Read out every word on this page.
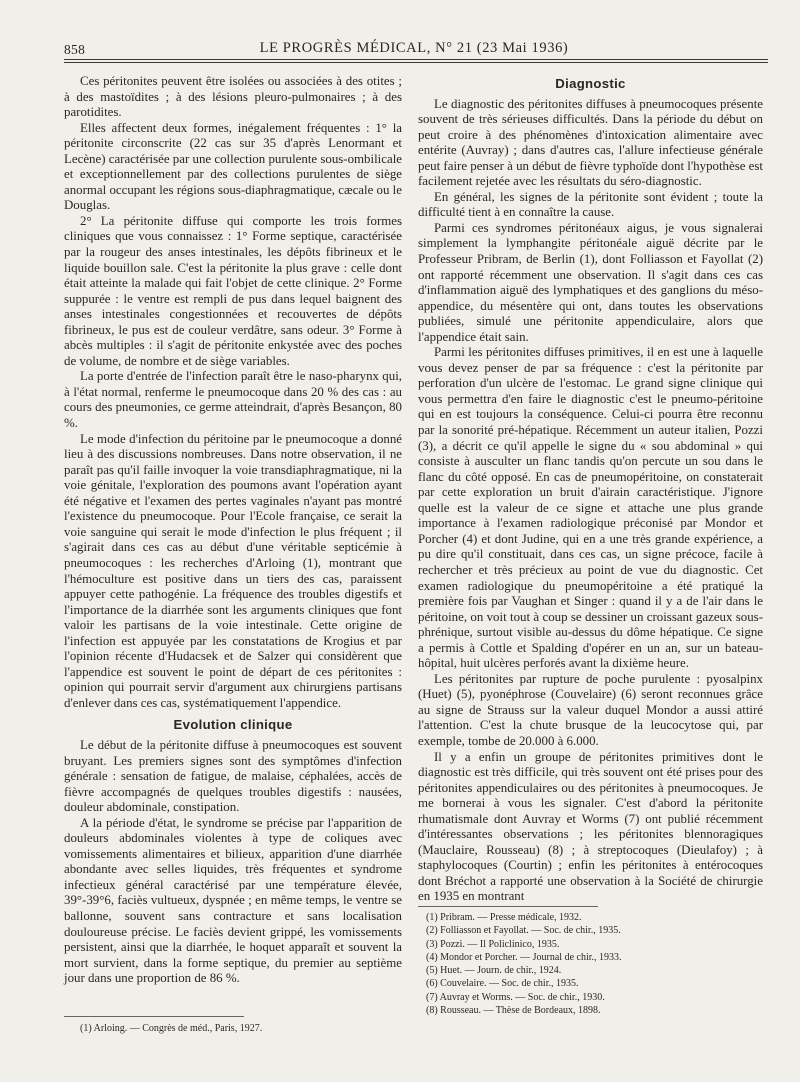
858	LE PROGRÈS MÉDICAL, N° 21 (23 Mai 1936)

Ces péritonites peuvent être isolées ou associées à des otites ; à des mastoïdites ; à des lésions pleuro-pulmonaires ; à des parotidites.

Elles affectent deux formes, inégalement fréquentes : 1° la péritonite circonscrite (22 cas sur 35 d'après Lenormant et Lecène) caractérisée par une collection purulente sous-ombilicale et exceptionnellement par des collections purulentes de siège anormal occupant les régions sous-diaphragmatique, cæcale ou le Douglas.

2° La péritonite diffuse qui comporte les trois formes cliniques que vous connaissez : 1° Forme septique, caractérisée par la rougeur des anses intestinales, les dépôts fibrineux et le liquide bouillon sale. C'est la péritonite la plus grave : celle dont était atteinte la malade qui fait l'objet de cette clinique. 2° Forme suppurée : le ventre est rempli de pus dans lequel baignent des anses intestinales congestionnées et recouvertes de dépôts fibrineux, le pus est de couleur verdâtre, sans odeur. 3° Forme à abcès multiples : il s'agit de péritonite enkystée avec des poches de volume, de nombre et de siège variables.

La porte d'entrée de l'infection paraît être le naso-pharynx qui, à l'état normal, renferme le pneumocoque dans 20 % des cas : au cours des pneumonies, ce germe atteindrait, d'après Besançon, 80 %.

Le mode d'infection du péritoine par le pneumocoque a donné lieu à des discussions nombreuses. Dans notre observation, il ne paraît pas qu'il faille invoquer la voie transdiaphragmatique, ni la voie génitale, l'exploration des poumons avant l'opération ayant été négative et l'examen des pertes vaginales n'ayant pas montré l'existence du pneumocoque. Pour l'Ecole française, ce serait la voie sanguine qui serait le mode d'infection le plus fréquent ; il s'agirait dans ces cas au début d'une véritable septicémie à pneumocoques : les recherches d'Arloing (1), montrant que l'hémoculture est positive dans un tiers des cas, paraissent appuyer cette pathogénie. La fréquence des troubles digestifs et l'importance de la diarrhée sont les arguments cliniques que font valoir les partisans de la voie intestinale. Cette origine de l'infection est appuyée par les constatations de Krogius et par l'opinion récente d'Hudacsek et de Salzer qui considèrent que l'appendice est souvent le point de départ de ces péritonites : opinion qui pourrait servir d'argument aux chirurgiens partisans d'enlever dans ces cas, systématiquement l'appendice.

Evolution clinique

Le début de la péritonite diffuse à pneumocoques est souvent bruyant. Les premiers signes sont des symptômes d'infection générale : sensation de fatigue, de malaise, céphalées, accès de fièvre accompagnés de quelques troubles digestifs : nausées, douleur abdominale, constipation.

A la période d'état, le syndrome se précise par l'apparition de douleurs abdominales violentes à type de coliques avec vomissements alimentaires et bilieux, apparition d'une diarrhée abondante avec selles liquides, très fréquentes et syndrome infectieux général caractérisé par une température élevée, 39°-39°6, faciès vultueux, dyspnée ; en même temps, le ventre se ballonne, souvent sans contracture et sans localisation douloureuse précise. Le faciès devient grippé, les vomissements persistent, ainsi que la diarrhée, le hoquet apparaît et souvent la mort survient, dans la forme septique, du premier au septième jour dans une proportion de 86 %.

(1) Arloing. — Congrès de méd., Paris, 1927.
Diagnostic

Le diagnostic des péritonites diffuses à pneumocoques présente souvent de très sérieuses difficultés. Dans la période du début on peut croire à des phénomènes d'intoxication alimentaire avec entérite (Auvray) ; dans d'autres cas, l'allure infectieuse générale peut faire penser à un début de fièvre typhoïde dont l'hypothèse est facilement rejetée avec les résultats du séro-diagnostic.

En général, les signes de la péritonite sont évident ; toute la difficulté tient à en connaître la cause.

Parmi ces syndromes péritonéaux aigus, je vous signalerai simplement la lymphangite péritonéale aiguë décrite par le Professeur Pribram, de Berlin (1), dont Folliasson et Fayollat (2) ont rapporté récemment une observation. Il s'agit dans ces cas d'inflammation aiguë des lymphatiques et des ganglions du méso-appendice, du mésentère qui ont, dans toutes les observations publiées, simulé une péritonite appendiculaire, alors que l'appendice était sain.

Parmi les péritonites diffuses primitives, il en est une à laquelle vous devez penser de par sa fréquence : c'est la péritonite par perforation d'un ulcère de l'estomac. Le grand signe clinique qui vous permettra d'en faire le diagnostic c'est le pneumo-péritoine qui en est toujours la conséquence. Celui-ci pourra être reconnu par la sonorité pré-hépatique. Récemment un auteur italien, Pozzi (3), a décrit ce qu'il appelle le signe du « sou abdominal » qui consiste à ausculter un flanc tandis qu'on percute un sou dans le flanc du côté opposé. En cas de pneumopéritoine, on constaterait par cette exploration un bruit d'airain caractéristique. J'ignore quelle est la valeur de ce signe et attache une plus grande importance à l'examen radiologique préconisé par Mondor et Porcher (4) et dont Judine, qui en a une très grande expérience, a pu dire qu'il constituait, dans ces cas, un signe précoce, facile à rechercher et très précieux au point de vue du diagnostic. Cet examen radiologique du pneumopéritoine a été pratiqué la première fois par Vaughan et Singer : quand il y a de l'air dans le péritoine, on voit tout à coup se dessiner un croissant gazeux sous-phrénique, surtout visible au-dessus du dôme hépatique. Ce signe a permis à Cottle et Spalding d'opérer en un an, sur un bateau-hôpital, huit ulcères perforés avant la dixième heure.

Les péritonites par rupture de poche purulente : pyosalpinx (Huet) (5), pyonéphrose (Couvelaire) (6) seront reconnues grâce au signe de Strauss sur la valeur duquel Mondor a aussi attiré l'attention. C'est la chute brusque de la leucocytose qui, par exemple, tombe de 20.000 à 6.000.

Il y a enfin un groupe de péritonites primitives dont le diagnostic est très difficile, qui très souvent ont été prises pour des péritonites appendiculaires ou des péritonites à pneumocoques. Je me bornerai à vous les signaler. C'est d'abord la péritonite rhumatismale dont Auvray et Worms (7) ont publié récemment d'intéressantes observations ; les péritonites blennoragiques (Mauclaire, Rousseau) (8) ; à streptocoques (Dieulafoy) ; à staphylocoques (Courtin) ; enfin les péritonites à entérocoques dont Bréchot a rapporté une observation à la Société de chirurgie en 1935 en montrant

(1) Pribram. — Presse médicale, 1932.
(2) Folliasson et Fayollat. — Soc. de chir., 1935.
(3) Pozzi. — Il Policlinico, 1935.
(4) Mondor et Porcher. — Journal de chir., 1933.
(5) Huet. — Journ. de chir., 1924.
(6) Couvelaire. — Soc. de chir., 1935.
(7) Auvray et Worms. — Soc. de chir., 1930.
(8) Rousseau. — Thèse de Bordeaux, 1898.
